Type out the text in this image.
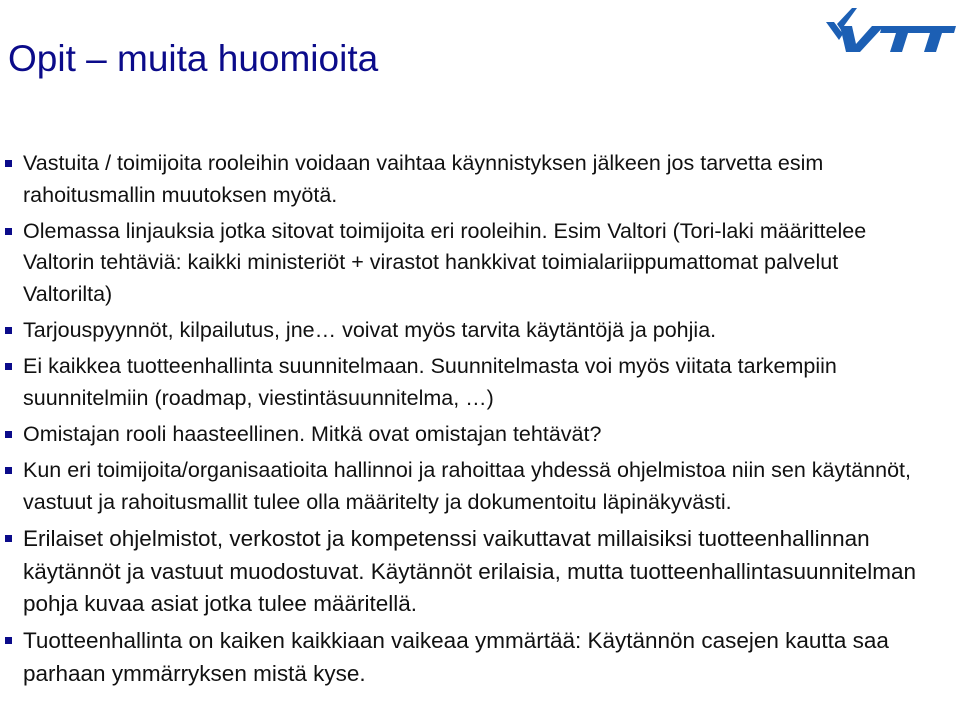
Opit – muita huomioita
Vastuita / toimijoita rooleihin voidaan vaihtaa käynnistyksen jälkeen jos tarvetta esim rahoitusmallin muutoksen myötä.
Olemassa linjauksia jotka sitovat toimijoita eri rooleihin. Esim Valtori (Tori-laki määrittelee Valtorin tehtäviä: kaikki ministeriöt + virastot hankkivat toimialariippumattomat palvelut Valtorilta)
Tarjouspyynnöt, kilpailutus, jne… voivat myös tarvita käytäntöjä ja pohjia.
Ei kaikkea tuotteenhallinta suunnitelmaan. Suunnitelmasta voi myös viitata tarkempiin suunnitelmiin (roadmap, viestintäsuunnitelma, …)
Omistajan rooli haasteellinen. Mitkä ovat omistajan tehtävät?
Kun eri toimijoita/organisaatioita hallinnoi ja rahoittaa yhdessä ohjelmistoa niin sen käytännöt, vastuut ja rahoitusmallit tulee olla määritelty ja dokumentoitu läpinäkyvästi.
Erilaiset ohjelmistot, verkostot ja kompetenssi vaikuttavat millaisiksi tuotteenhallinnan käytännöt ja vastuut muodostuvat. Käytännöt erilaisia, mutta tuotteenhallintasuunnitelman pohja kuvaa asiat jotka tulee määritellä.
Tuotteenhallinta on kaiken kaikkiaan vaikeaa ymmärtää: Käytännön casejen kautta saa parhaan ymmärryksen mistä kyse.
